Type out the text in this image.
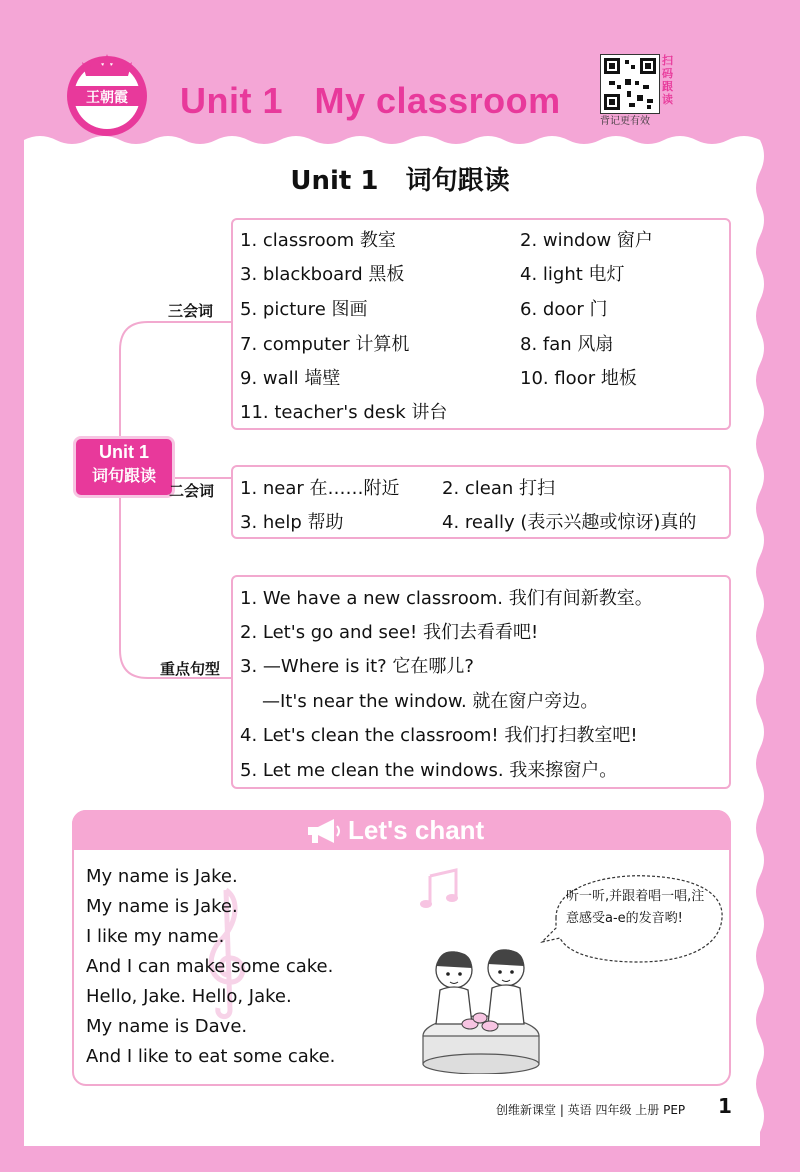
王朝霞 Unit 1   My classroom
扫码跟读
背记更有效
Unit 1   词句跟读
Unit 1
词句跟读
三会词
1. classroom 教室	2. window 窗户
3. blackboard 黑板	4. light 电灯
5. picture 图画	6. door 门
7. computer 计算机	8. fan 风扇
9. wall 墙壁	10. floor 地板
11. teacher's desk 讲台
二会词 1. near 在……附近 2. clean 打扫
3. help 帮助	4. really (表示兴趣或惊讶)真的
重点句型
1. We have a new classroom. 我们有间新教室。
2. Let's go and see! 我们去看看吧!
3. —Where is it? 它在哪儿?
—It's near the window. 就在窗户旁边。
4. Let's clean the classroom! 我们打扫教室吧!
5. Let me clean the windows. 我来擦窗户。
Let's chant
My name is Jake.
My name is Jake.
I like my name.
And I can make some cake.
Hello, Jake. Hello, Jake.
My name is Dave.
And I like to eat some cake.
听一听,并跟着唱一唱,注意感受a-e的发音哟!
创维新课堂 | 英语 四年级 上册 PEP 1
